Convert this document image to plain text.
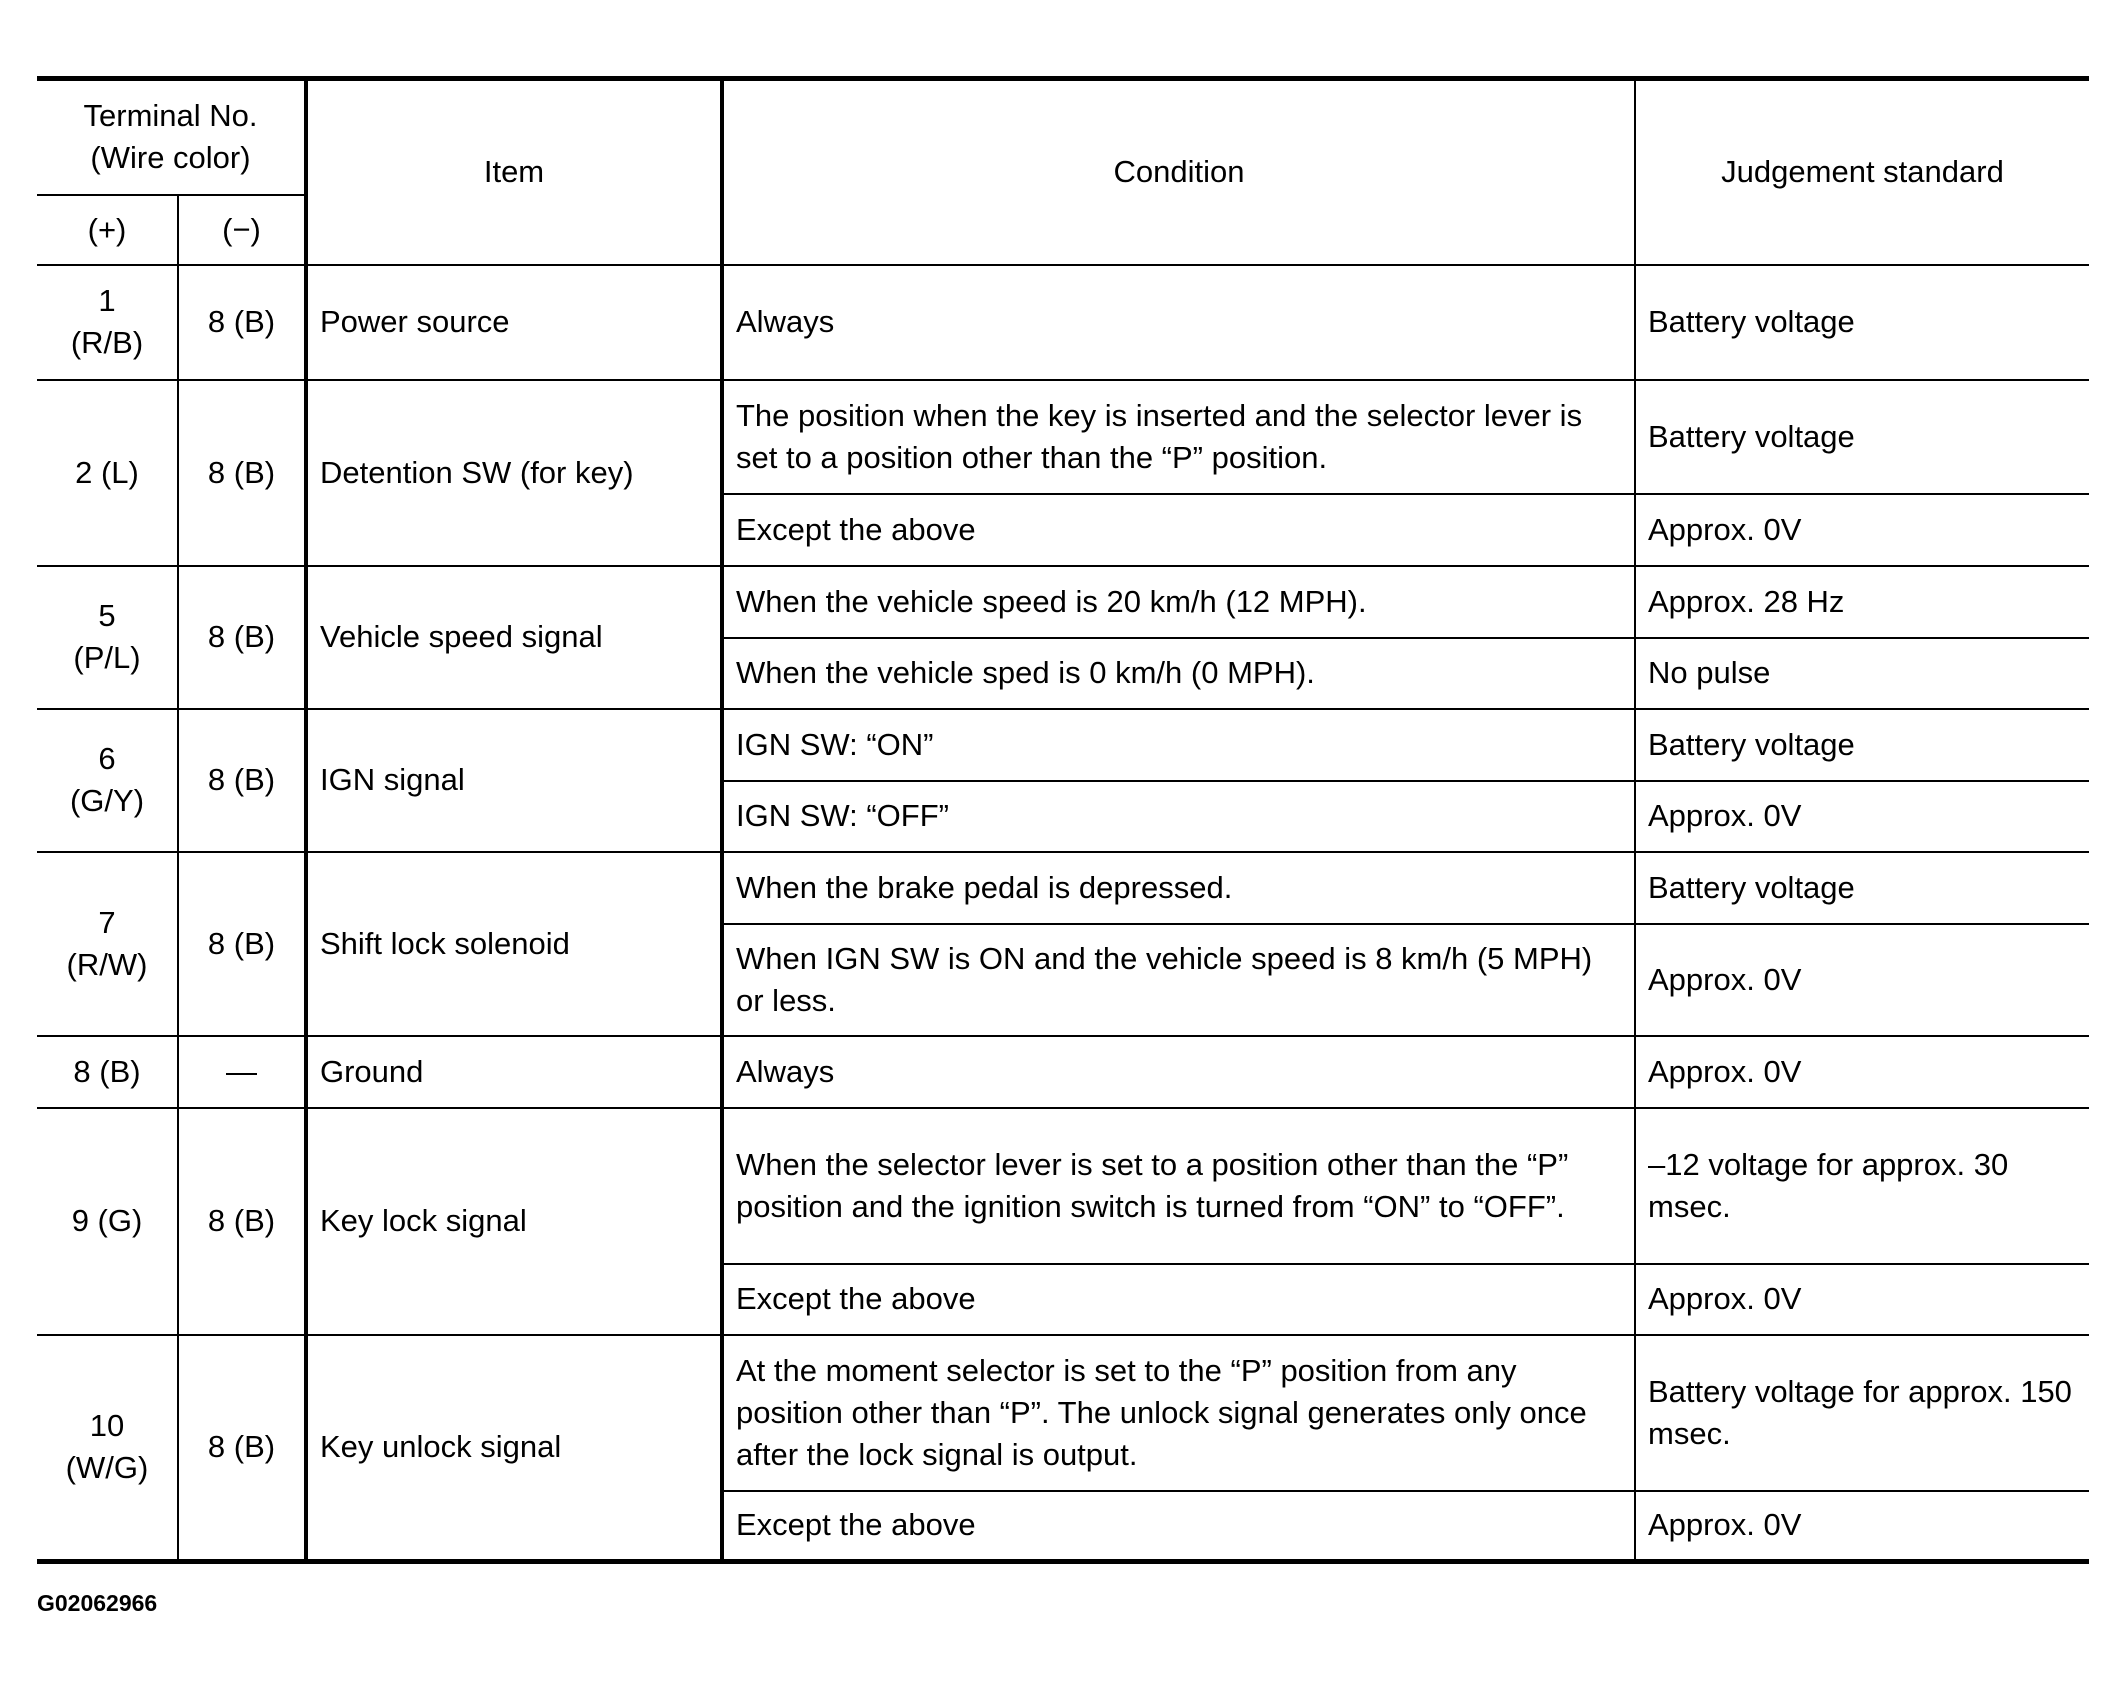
Terminal No.
(Wire color)		Item	Condition	Judgement standard
(+)	(−)			
1
(R/B)	8 (B)	Power source	Always	Battery voltage
2 (L)	8 (B)	Detention SW (for key)	The position when the key is inserted and the selector lever is set to a position other than the “P” position.	Battery voltage
			Except the above	Approx. 0V
5
(P/L)	8 (B)	Vehicle speed signal	When the vehicle speed is 20 km/h (12 MPH).	Approx. 28 Hz
			When the vehicle sped is 0 km/h (0 MPH).	No pulse
6
(G/Y)	8 (B)	IGN signal	IGN SW: “ON”	Battery voltage
			IGN SW: “OFF”	Approx. 0V
7
(R/W)	8 (B)	Shift lock solenoid	When the brake pedal is depressed.	Battery voltage
			When IGN SW is ON and the vehicle speed is 8 km/h (5 MPH) or less.	Approx. 0V
8 (B)	—	Ground	Always	Approx. 0V
9 (G)	8 (B)	Key lock signal	When the selector lever is set to a position other than the “P” position and the ignition switch is turned from “ON” to “OFF”.	–12 voltage for approx. 30 msec.
			Except the above	Approx. 0V
10
(W/G)	8 (B)	Key unlock signal	At the moment selector is set to the “P” position from any position other than “P”. The unlock signal generates only once after the lock signal is output.	Battery voltage for approx. 150 msec.
			Except the above	Approx. 0V
G02062966
